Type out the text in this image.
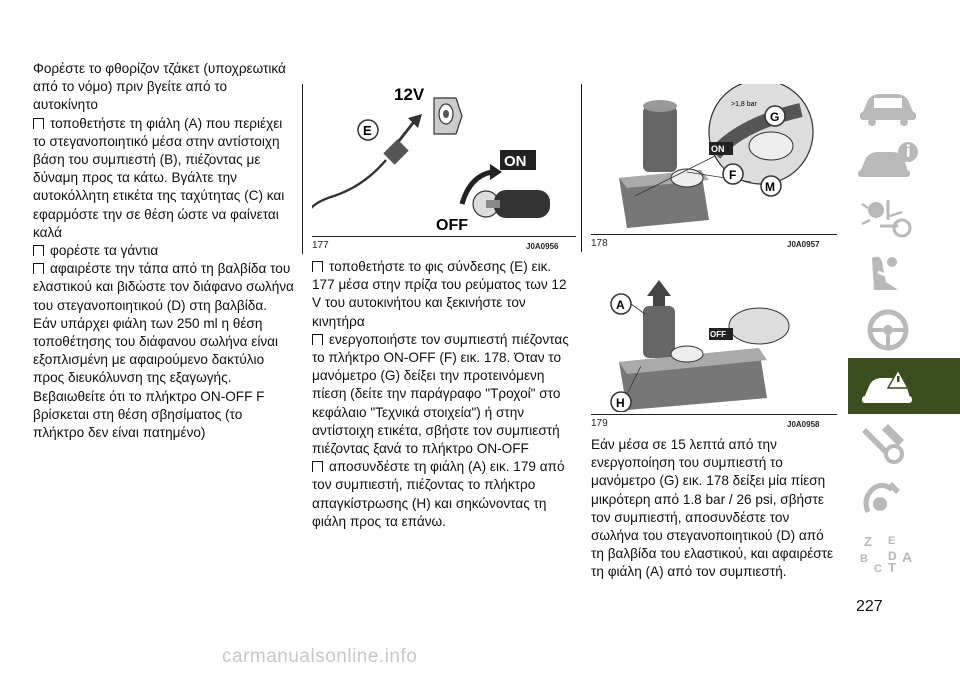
Φορέστε το φθορίζον τζάκετ (υποχρεωτικά από το νόμο) πριν βγείτε από το αυτοκίνητο

τοποθετήστε τη φιάλη (A) που περιέχει το στεγανοποιητικό μέσα στην αντίστοιχη βάση του συμπιεστή (B), πιέζοντας με δύναμη προς τα κάτω. Βγάλτε την αυτοκόλλητη ετικέτα της ταχύτητας (C) και εφαρμόστε την σε θέση ώστε να φαίνεται καλά

φορέστε τα γάντια

αφαιρέστε την τάπα από τη βαλβίδα του ελαστικού και βιδώστε τον διάφανο σωλήνα του στεγανοποιητικού (D) στη βαλβίδα.

Εάν υπάρχει φιάλη των 250 ml η θέση τοποθέτησης του διάφανου σωλήνα είναι εξοπλισμένη με αφαιρούμενο δακτύλιο προς διευκόλυνση της εξαγωγής. Βεβαιωθείτε ότι το πλήκτρο ON-OFF F βρίσκεται στη θέση σβησίματος (το πλήκτρο δεν είναι πατημένο)

12V
E
ON
OFF
177	J0A0956

τοποθετήστε το φις σύνδεσης (E) εικ. 177 μέσα στην πρίζα του ρεύματος των 12 V του αυτοκινήτου και ξεκινήστε τον κινητήρα

ενεργοποιήστε τον συμπιεστή πιέζοντας το πλήκτρο ON-OFF (F) εικ. 178. Όταν το μανόμετρο (G) δείξει την προτεινόμενη πίεση (δείτε την παράγραφο "Τροχοί" στο κεφάλαιο "Τεχνικά στοιχεία") ή στην αντίστοιχη ετικέτα, σβήστε τον συμπιεστή πιέζοντας ξανά το πλήκτρο ON-OFF

αποσυνδέστε τη φιάλη (A) εικ. 179 από τον συμπιεστή, πιέζοντας το πλήκτρο απαγκίστρωσης (H) και σηκώνοντας τη φιάλη προς τα επάνω.

ON
>1,8 bar
G
F
M
178	J0A0957
OFF
A
H
179	J0A0958

Εάν μέσα σε 15 λεπτά από την ενεργοποίηση του συμπιεστή το μανόμετρο (G) εικ. 178 δείξει μία πίεση μικρότερη από 1.8 bar / 26 psi, σβήστε τον συμπιεστή, αποσυνδέστε τον σωλήνα του στεγανοποιητικού (D) από τη βαλβίδα του ελαστικού, και αφαιρέστε τη φιάλη (A) από τον συμπιεστή.

Z E
B A
C T
D
227
carmanualsonline.info
